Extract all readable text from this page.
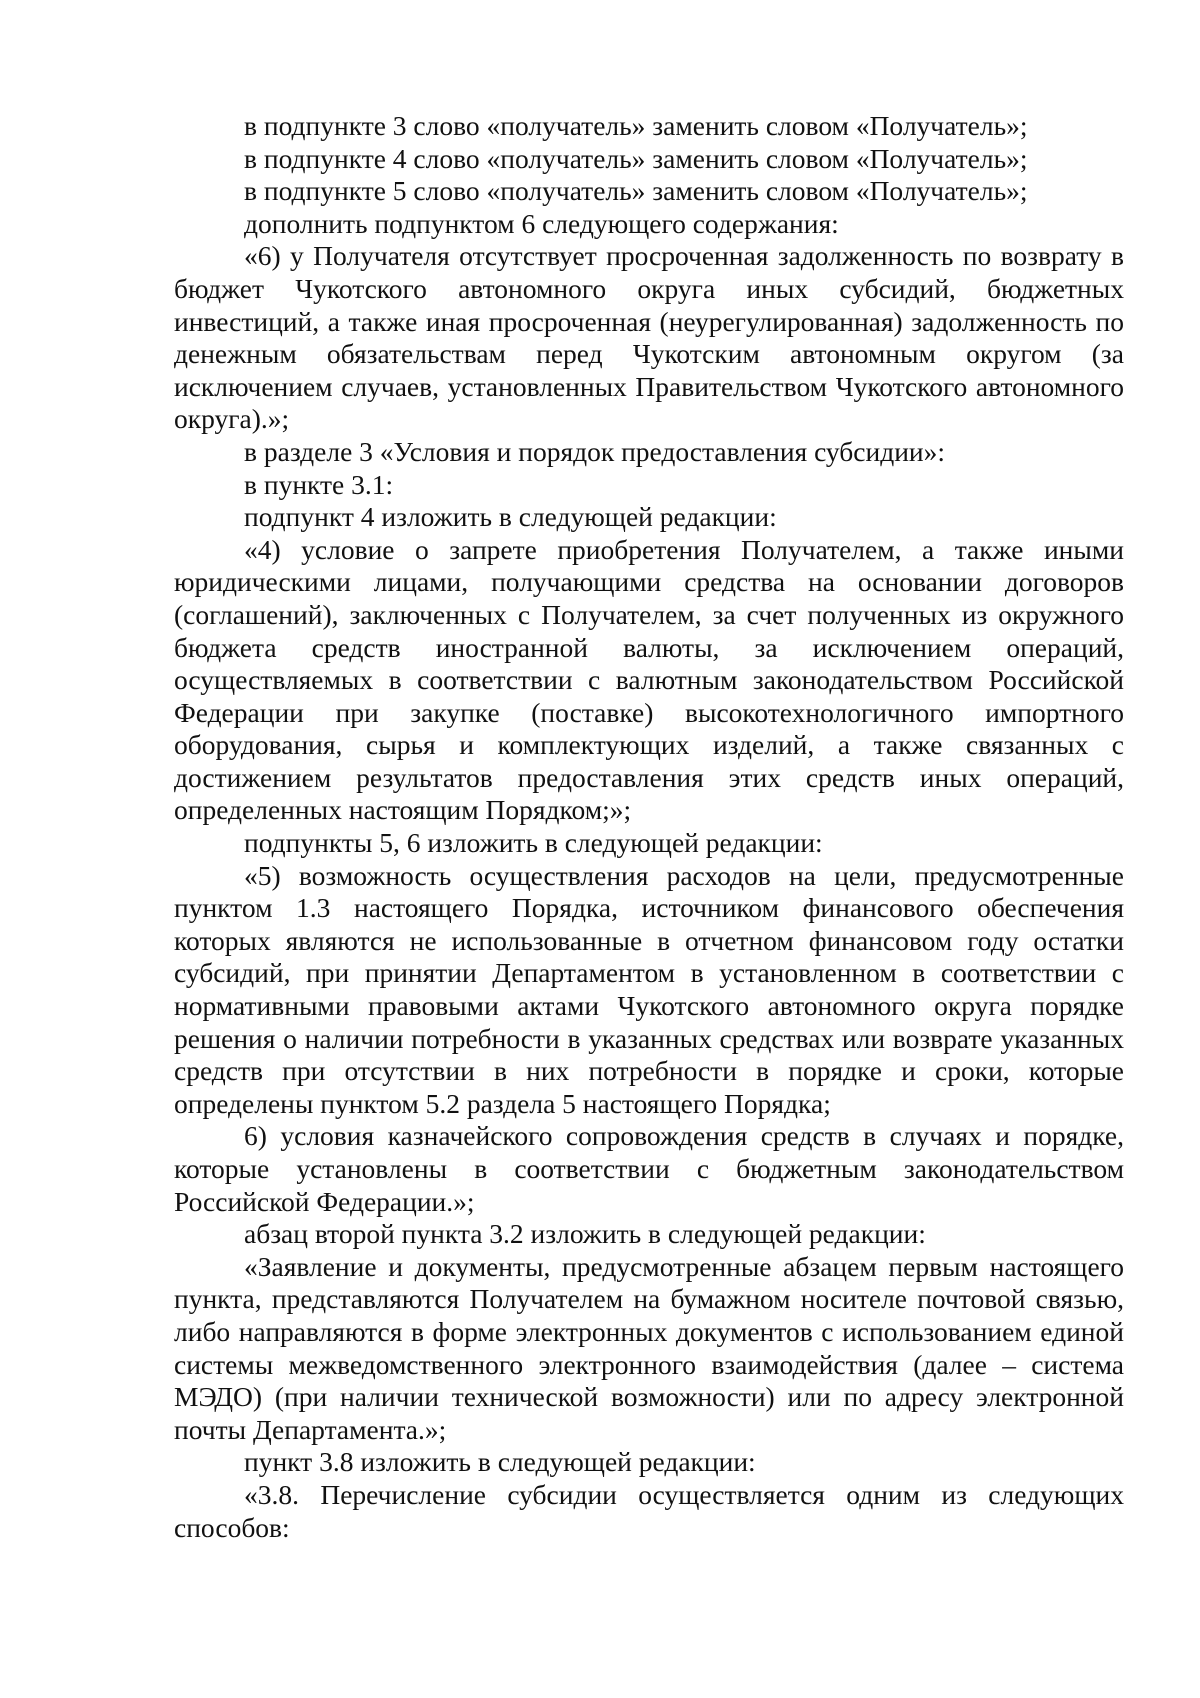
в подпункте 3 слово «получатель» заменить словом «Получатель»;

в подпункте 4 слово «получатель» заменить словом «Получатель»;

в подпункте 5 слово «получатель» заменить словом «Получатель»;

дополнить подпунктом 6 следующего содержания:

«6) у Получателя отсутствует просроченная задолженность по возврату в бюджет Чукотского автономного округа иных субсидий, бюджетных инвестиций, а также иная просроченная (неурегулированная) задолженность по денежным обязательствам перед Чукотским автономным округом (за исключением случаев, установленных Правительством Чукотского автономного округа).»;

в разделе 3 «Условия и порядок предоставления субсидии»:

в пункте 3.1:

подпункт 4 изложить в следующей редакции:

«4) условие о запрете приобретения Получателем, а также иными юридическими лицами, получающими средства на основании договоров (соглашений), заключенных с Получателем, за счет полученных из окружного бюджета средств иностранной валюты, за исключением операций, осуществляемых в соответствии с валютным законодательством Российской Федерации при закупке (поставке) высокотехнологичного импортного оборудования, сырья и комплектующих изделий, а также связанных с достижением результатов предоставления этих средств иных операций, определенных настоящим Порядком;»;

подпункты 5, 6 изложить в следующей редакции:

«5) возможность осуществления расходов на цели, предусмотренные пунктом 1.3 настоящего Порядка, источником финансового обеспечения которых являются не использованные в отчетном финансовом году остатки субсидий, при принятии Департаментом в установленном в соответствии с нормативными правовыми актами Чукотского автономного округа порядке решения о наличии потребности в указанных средствах или возврате указанных средств при отсутствии в них потребности в порядке и сроки, которые определены пунктом 5.2 раздела 5 настоящего Порядка;

6) условия казначейского сопровождения средств в случаях и порядке, которые установлены в соответствии с бюджетным законодательством Российской Федерации.»;

абзац второй пункта 3.2 изложить в следующей редакции:

«Заявление и документы, предусмотренные абзацем первым настоящего пункта, представляются Получателем на бумажном носителе почтовой связью, либо направляются в форме электронных документов с использованием единой системы межведомственного электронного взаимодействия (далее – система МЭДО) (при наличии технической возможности) или по адресу электронной почты Департамента.»;

пункт 3.8 изложить в следующей редакции:

«3.8. Перечисление субсидии осуществляется одним из следующих способов:
